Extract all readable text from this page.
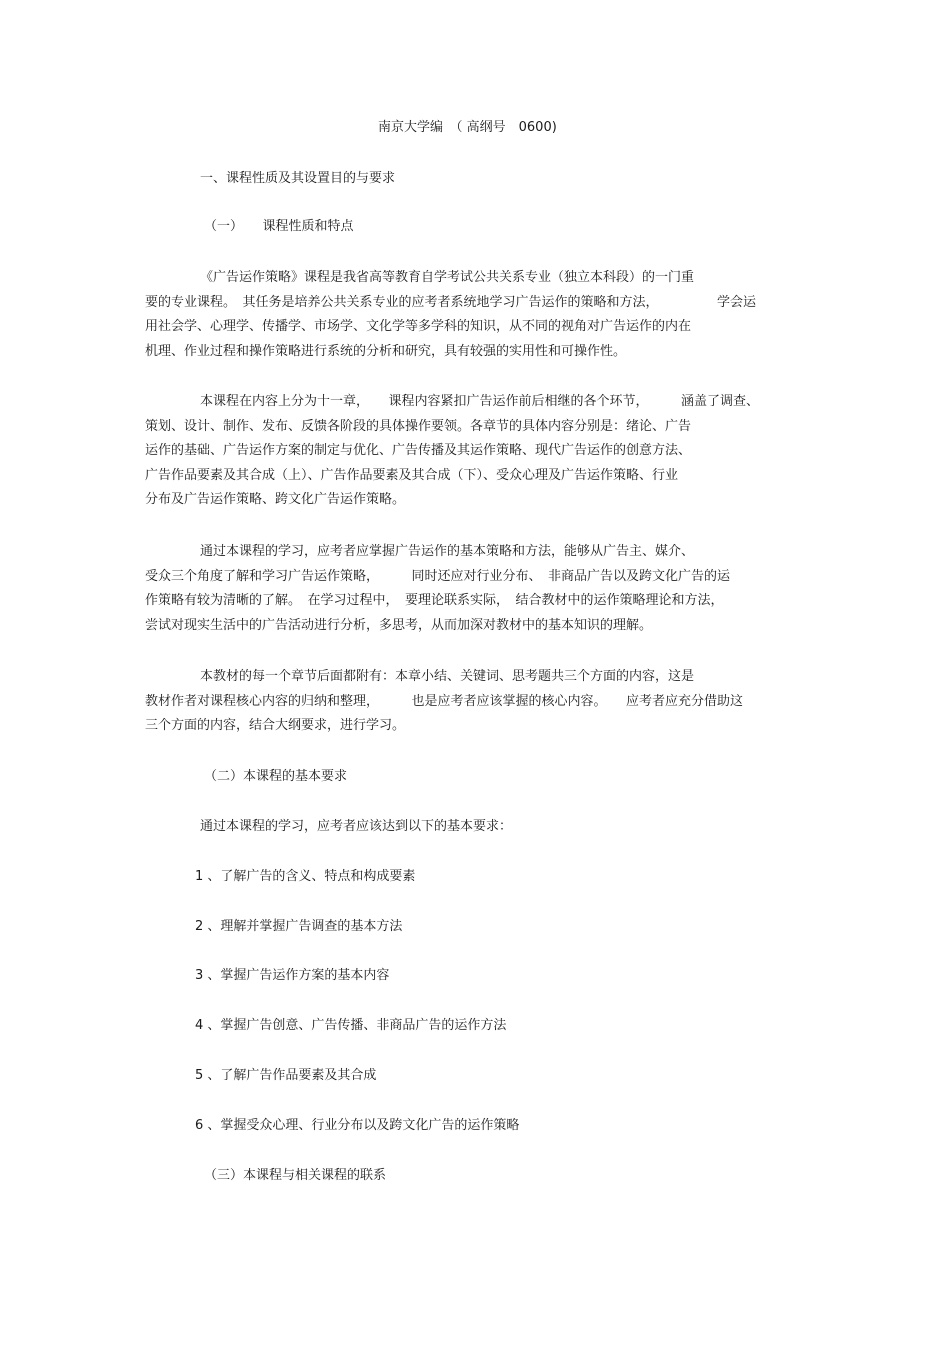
南京大学编　（ 高纲号　0600)
一、课程性质及其设置目的与要求
（一）　　课程性质和特点
《广告运作策略》课程是我省高等教育自学考试公共关系专业（独立本科段）的一门重
要的专业课程。　其任务是培养公共关系专业的应考者系统地学习广告运作的策略和方法，　　　　　学会运
用社会学、心理学、传播学、市场学、文化学等多学科的知识，从不同的视角对广告运作的内在
机理、作业过程和操作策略进行系统的分析和研究，具有较强的实用性和可操作性。
本课程在内容上分为十一章，　　课程内容紧扣广告运作前后相继的各个环节，　　　涵盖了调查、
策划、设计、制作、发布、反馈各阶段的具体操作要领。各章节的具体内容分别是：绪论、广告
运作的基础、广告运作方案的制定与优化、广告传播及其运作策略、现代广告运作的创意方法、
广告作品要素及其合成（上）、广告作品要素及其合成（下）、受众心理及广告运作策略、行业
分布及广告运作策略、跨文化广告运作策略。
通过本课程的学习，应考者应掌握广告运作的基本策略和方法，能够从广告主、媒介、
受众三个角度了解和学习广告运作策略，　　　同时还应对行业分布、　非商品广告以及跨文化广告的运
作策略有较为清晰的了解。　在学习过程中，　要理论联系实际，　结合教材中的运作策略理论和方法，
尝试对现实生活中的广告活动进行分析，多思考，从而加深对教材中的基本知识的理解。
本教材的每一个章节后面都附有：本章小结、关键词、思考题共三个方面的内容，这是
教材作者对课程核心内容的归纳和整理，　　　也是应考者应该掌握的核心内容。　　应考者应充分借助这
三个方面的内容，结合大纲要求，进行学习。
（二）本课程的基本要求
通过本课程的学习，应考者应该达到以下的基本要求：
1 、了解广告的含义、特点和构成要素
2 、理解并掌握广告调查的基本方法
3 、掌握广告运作方案的基本内容
4 、掌握广告创意、广告传播、非商品广告的运作方法
5 、了解广告作品要素及其合成
6 、掌握受众心理、行业分布以及跨文化广告的运作策略
（三）本课程与相关课程的联系
